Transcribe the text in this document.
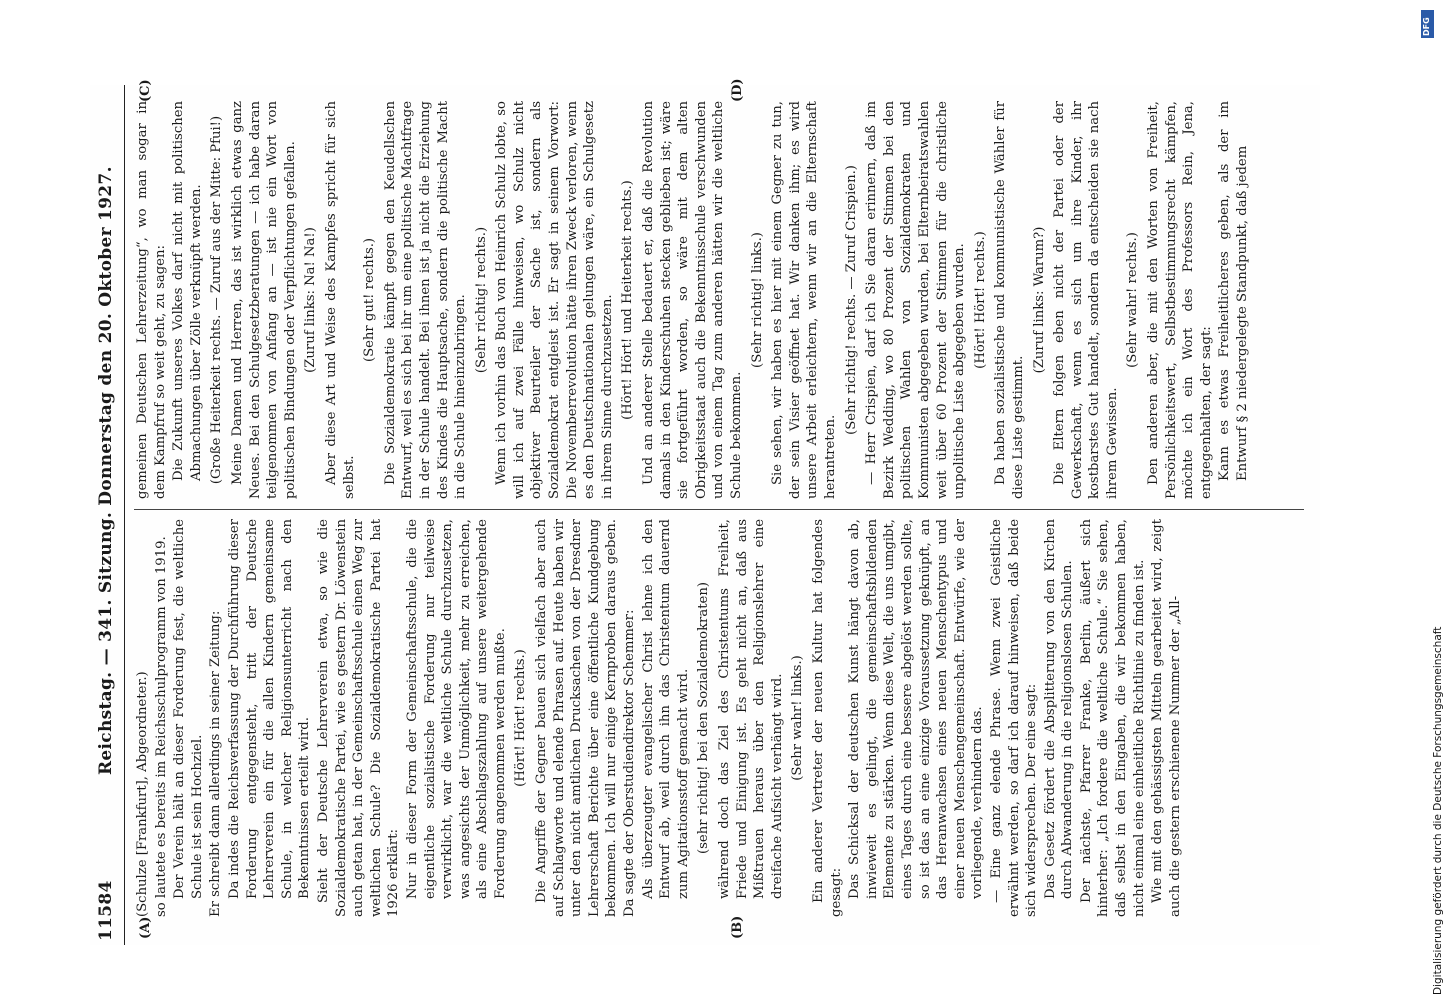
11584
Reichstag. — 341. Sitzung. Donnerstag den 20. Oktober 1927.
(A)	(B)
(C)	(D)

(Schulze [Frankfurt], Abgeordneter.) so lautete es bereits im Reichsschulprogramm von 1919. Der Verein hält an dieser Forderung fest, die weltliche Schule ist sein Hochziel. Er schreibt dann allerdings in seiner Zeitung: Da indes die Reichsverfassung der Durchführung dieser Forderung entgegensteht, tritt der Deutsche Lehrerverein ein für die allen Kindern gemeinsame Schule, in welcher Religionsunterricht nach den Bekenntnissen erteilt wird. Sieht der Deutsche Lehrerverein etwa, so wie die Sozialdemokratische Partei, wie es gestern Dr. Löwenstein auch getan hat, in der Gemeinschaftsschule einen Weg zur weltlichen Schule? Die Sozialdemokratische Partei hat 1926 erklärt: Nur in dieser Form der Gemeinschaftsschule, die die eigentliche sozialistische Forderung nur teilweise verwirklicht, war die weltliche Schule durchzusetzen, was angesichts der Unmöglichkeit, mehr zu erreichen, als eine Abschlagszahlung auf unsere weitergehende Forderung angenommen werden mußte. (Hört! Hört! rechts.) Die Angriffe der Gegner bauen sich vielfach aber auch auf Schlagworte und elende Phrasen auf. Heute haben wir unter den nicht amtlichen Drucksachen von der Dresdner Lehrerschaft Berichte über eine öffentliche Kundgebung bekommen. Ich will nur einige Kernproben daraus geben. Da sagte der Oberstudiendirektor Schemmer: Als überzeugter evangelischer Christ lehne ich den Entwurf ab, weil durch ihn das Christentum dauernd zum Agitationsstoff gemacht wird. (sehr richtig! bei den Sozialdemokraten) während doch das Ziel des Christentums Freiheit, Friede und Einigung ist. Es geht nicht an, daß aus Mißtrauen heraus über den Religionslehrer eine dreifache Aufsicht verhängt wird. (Sehr wahr! links.) Ein anderer Vertreter der neuen Kultur hat folgendes gesagt: Das Schicksal der deutschen Kunst hängt davon ab, inwieweit es gelingt, die gemeinschaftsbildenden Elemente zu stärken. Wenn diese Welt, die uns umgibt, eines Tages durch eine bessere abgelöst werden sollte, so ist das an eine einzige Voraussetzung geknüpft, an das Heranwachsen eines neuen Menschentypus und einer neuen Menschengemeinschaft. Entwürfe, wie der vorliegende, verhindern das. — Eine ganz elende Phrase. Wenn zwei Geistliche erwähnt werden, so darf ich darauf hinweisen, daß beide sich widersprechen. Der eine sagt: Das Gesetz fördert die Absplitterung von den Kirchen durch Abwanderung in die religionslosen Schulen. Der nächste, Pfarrer Franke, Berlin, äußert sich hinterher: „Ich fordere die weltliche Schule.“ Sie sehen, daß selbst in den Eingaben, die wir bekommen haben, nicht einmal eine einheitliche Richtlinie zu finden ist. Wie mit den gehässigsten Mitteln gearbeitet wird, zeigt auch die gestern erschienene Nummer der „All-

gemeinen Deutschen Lehrerzeitung“, wo man sogar in dem Kampfruf so weit geht, zu sagen: Die Zukunft unseres Volkes darf nicht mit politischen Abmachungen über Zölle verknüpft werden. (Große Heiterkeit rechts. — Zuruf aus der Mitte: Pfui!) Meine Damen und Herren, das ist wirklich etwas ganz Neues. Bei den Schulgesetzberatungen — ich habe daran teilgenommen von Anfang an — ist nie ein Wort von politischen Bindungen oder Verpflichtungen gefallen. (Zuruf links: Na! Na!) Aber diese Art und Weise des Kampfes spricht für sich selbst.

(Sehr gut! rechts.) Die Sozialdemokratie kämpft gegen den Keudellschen Entwurf, weil es sich bei ihr um eine politische Machtfrage in der Schule handelt. Bei ihnen ist ja nicht die Erziehung des Kindes die Hauptsache, sondern die politische Macht in die Schule hineinzubringen. (Sehr richtig! rechts.) Wenn ich vorhin das Buch von Heinrich Schulz lobte, so will ich auf zwei Fälle hinweisen, wo Schulz nicht objektiver Beurteiler der Sache ist, sondern als Sozialdemokrat entgleist ist. Er sagt in seinem Vorwort: Die Novemberrevolution hätte ihren Zweck verloren, wenn es den Deutschnationalen gelungen wäre, ein Schulgesetz in ihrem Sinne durchzusetzen. (Hört! Hört! und Heiterkeit rechts.) Und an anderer Stelle bedauert er, daß die Revolution damals in den Kinderschuhen stecken geblieben ist; wäre sie fortgeführt worden, so wäre mit dem alten Obrigkeitsstaat auch die Bekenntnisschule verschwunden und von einem Tag zum anderen hätten wir die weltliche Schule bekommen.

(Sehr richtig! links.) Sie sehen, wir haben es hier mit einem Gegner zu tun, der sein Visier geöffnet hat. Wir danken ihm; es wird unsere Arbeit erleichtern, wenn wir an die Elternschaft herantreten.

(Sehr richtig! rechts. — Zuruf Crispien.) — Herr Crispien, darf ich Sie daran erinnern, daß im Bezirk Wedding, wo 80 Prozent der Stimmen bei den politischen Wahlen von Sozialdemokraten und Kommunisten abgegeben wurden, bei Elternbeiratswahlen weit über 60 Prozent der Stimmen für die christliche unpolitische Liste abgegeben wurden. (Hört! Hört! rechts.) Da haben sozialistische und kommunistische Wähler für diese Liste gestimmt.

(Zuruf links: Warum?) Die Eltern folgen eben nicht der Partei oder der Gewerkschaft, wenn es sich um ihre Kinder, ihr kostbarstes Gut handelt, sondern da entscheiden sie nach ihrem Gewissen.

(Sehr wahr! rechts.) Den anderen aber, die mit den Worten von Freiheit, Persönlichkeitswert, Selbstbestimmungsrecht kämpfen, möchte ich ein Wort des Professors Rein, Jena, entgegenhalten, der sagt: Kann es etwas Freiheitlicheres geben, als der im Entwurf § 2 niedergelegte Standpunkt, daß jedem

Digitalisierung gefördert durch die Deutsche Forschungsgemeinschaft
DFG
